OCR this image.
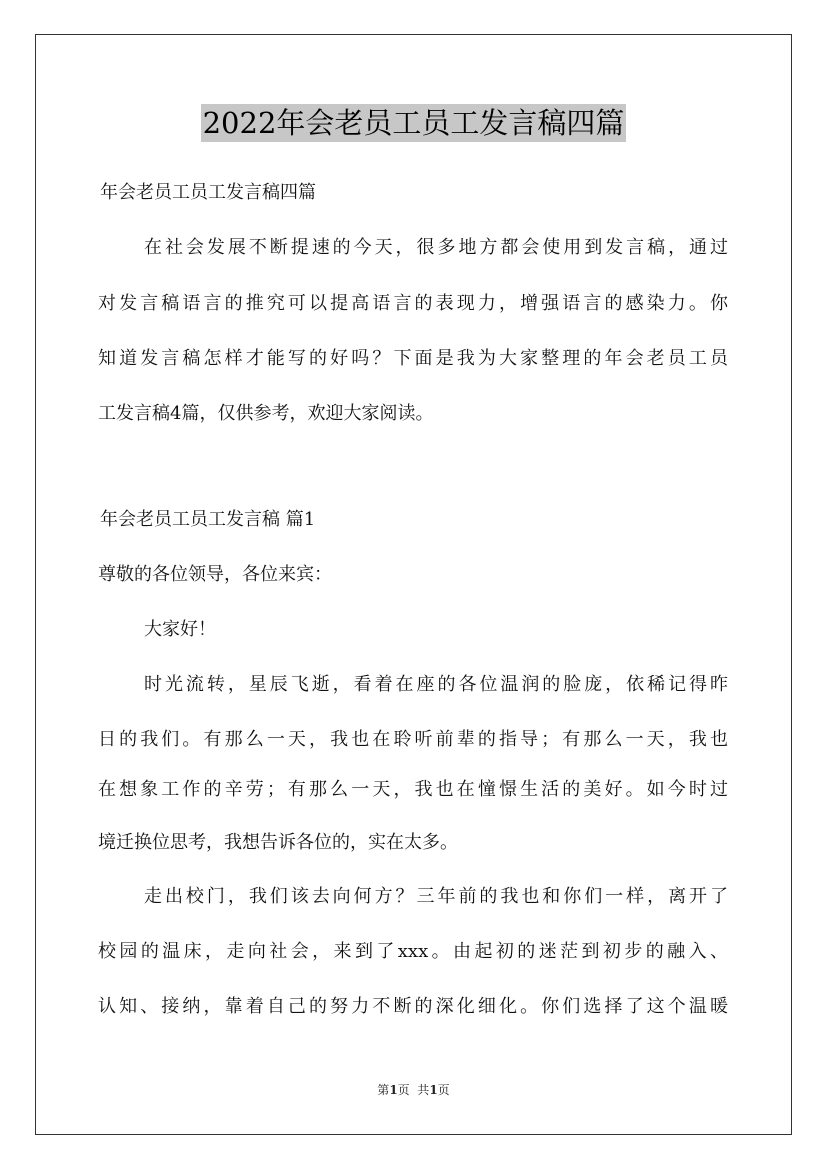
2022年会老员工员工发言稿四篇
年会老员工员工发言稿四篇
在社会发展不断提速的今天，很多地方都会使用到发言稿，通过
对发言稿语言的推究可以提高语言的表现力，增强语言的感染力。你
知道发言稿怎样才能写的好吗？下面是我为大家整理的年会老员工员
工发言稿4篇，仅供参考，欢迎大家阅读。
年会老员工员工发言稿 篇1
尊敬的各位领导，各位来宾：
大家好！
时光流转，星辰飞逝，看着在座的各位温润的脸庞，依稀记得昨
日的我们。有那么一天，我也在聆听前辈的指导；有那么一天，我也
在想象工作的辛劳；有那么一天，我也在憧憬生活的美好。如今时过
境迁换位思考，我想告诉各位的，实在太多。
走出校门，我们该去向何方？三年前的我也和你们一样，离开了
校园的温床，走向社会，来到了xxx。由起初的迷茫到初步的融入、
认知、接纳，靠着自己的努力不断的深化细化。你们选择了这个温暖
第1页  共1页
